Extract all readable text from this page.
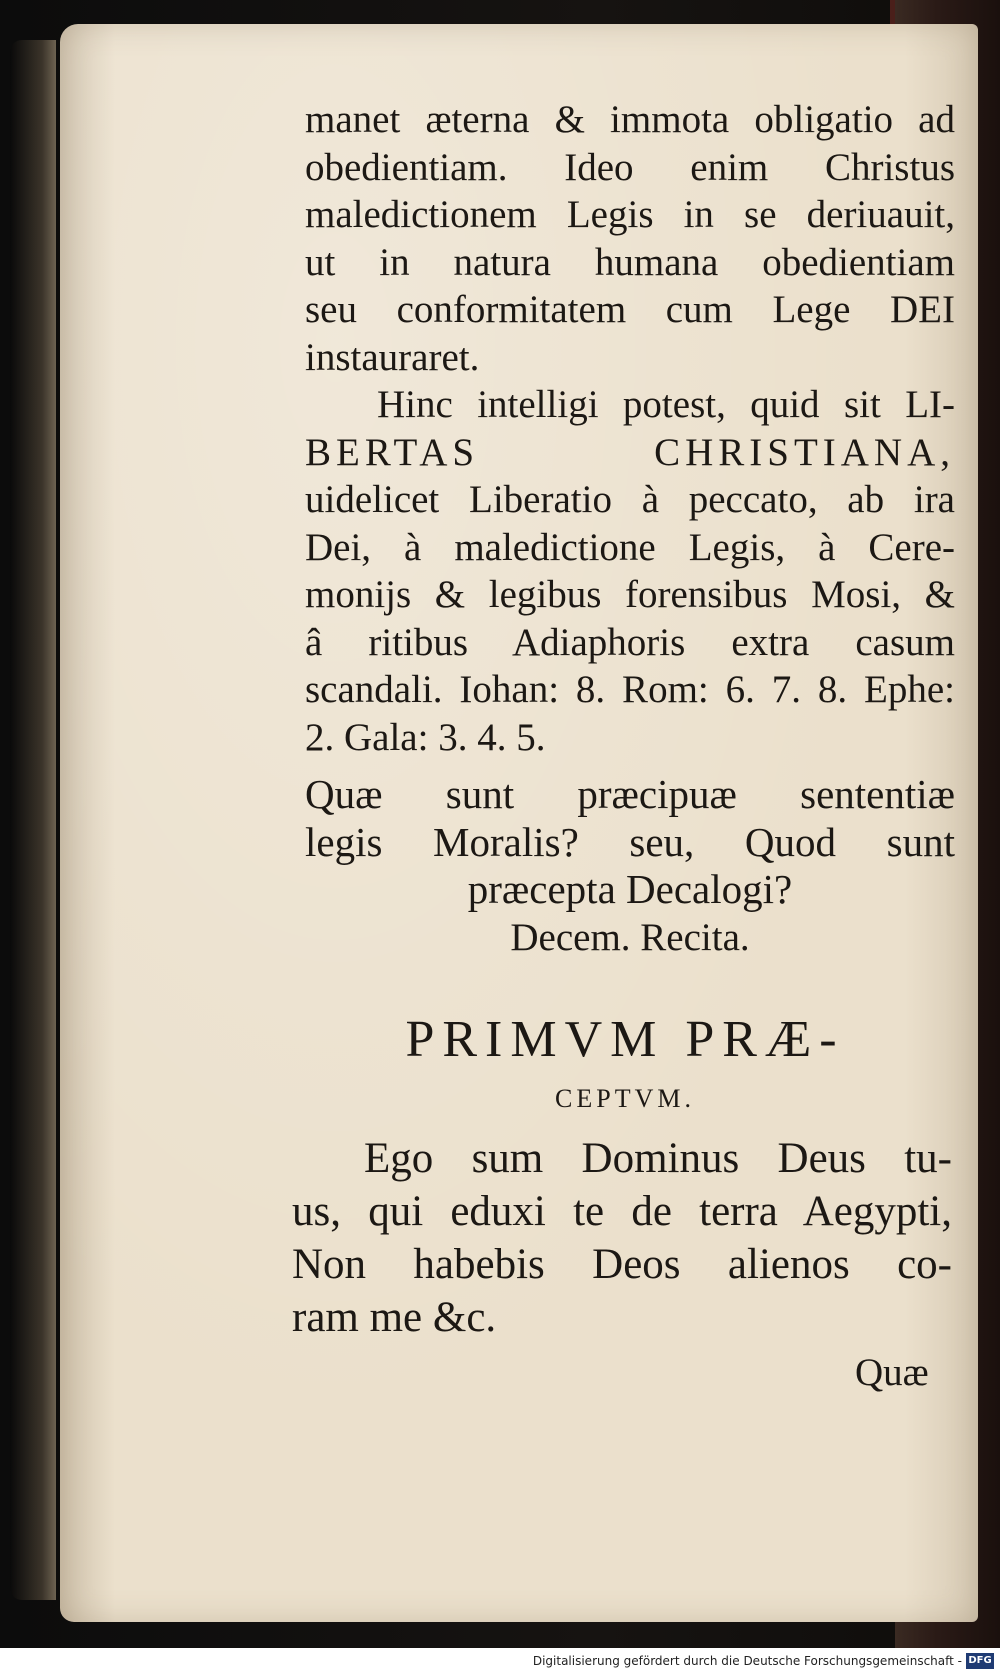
manet æterna & immota obligatio ad
obedientiam. Ideo enim Christus
maledictionem Legis in se deriuauit,
ut in natura humana obedientiam
seu conformitatem cum Lege DEI
instauraret.
Hinc intelligi potest, quid sit LI-
BERTAS CHRISTIANA,
uidelicet Liberatio à peccato, ab ira
Dei, à maledictione Legis, à Cere-
monijs & legibus forensibus Mosi, &
â ritibus Adiaphoris extra casum
scandali. Iohan: 8. Rom: 6. 7. 8. Ephe:
2. Gala: 3. 4. 5.
Quæ sunt præcipuæ sententiæ
legis Moralis? seu, Quod sunt
præcepta Decalogi?
Decem. Recita.
PRIMVM PRÆ-
CEPTVM.
Ego sum Dominus Deus tu-
us, qui eduxi te de terra Aegypti,
Non habebis Deos alienos co-
ram me &c.
Quæ
Digitalisierung gefördert durch die Deutsche Forschungsgemeinschaft - DFG
